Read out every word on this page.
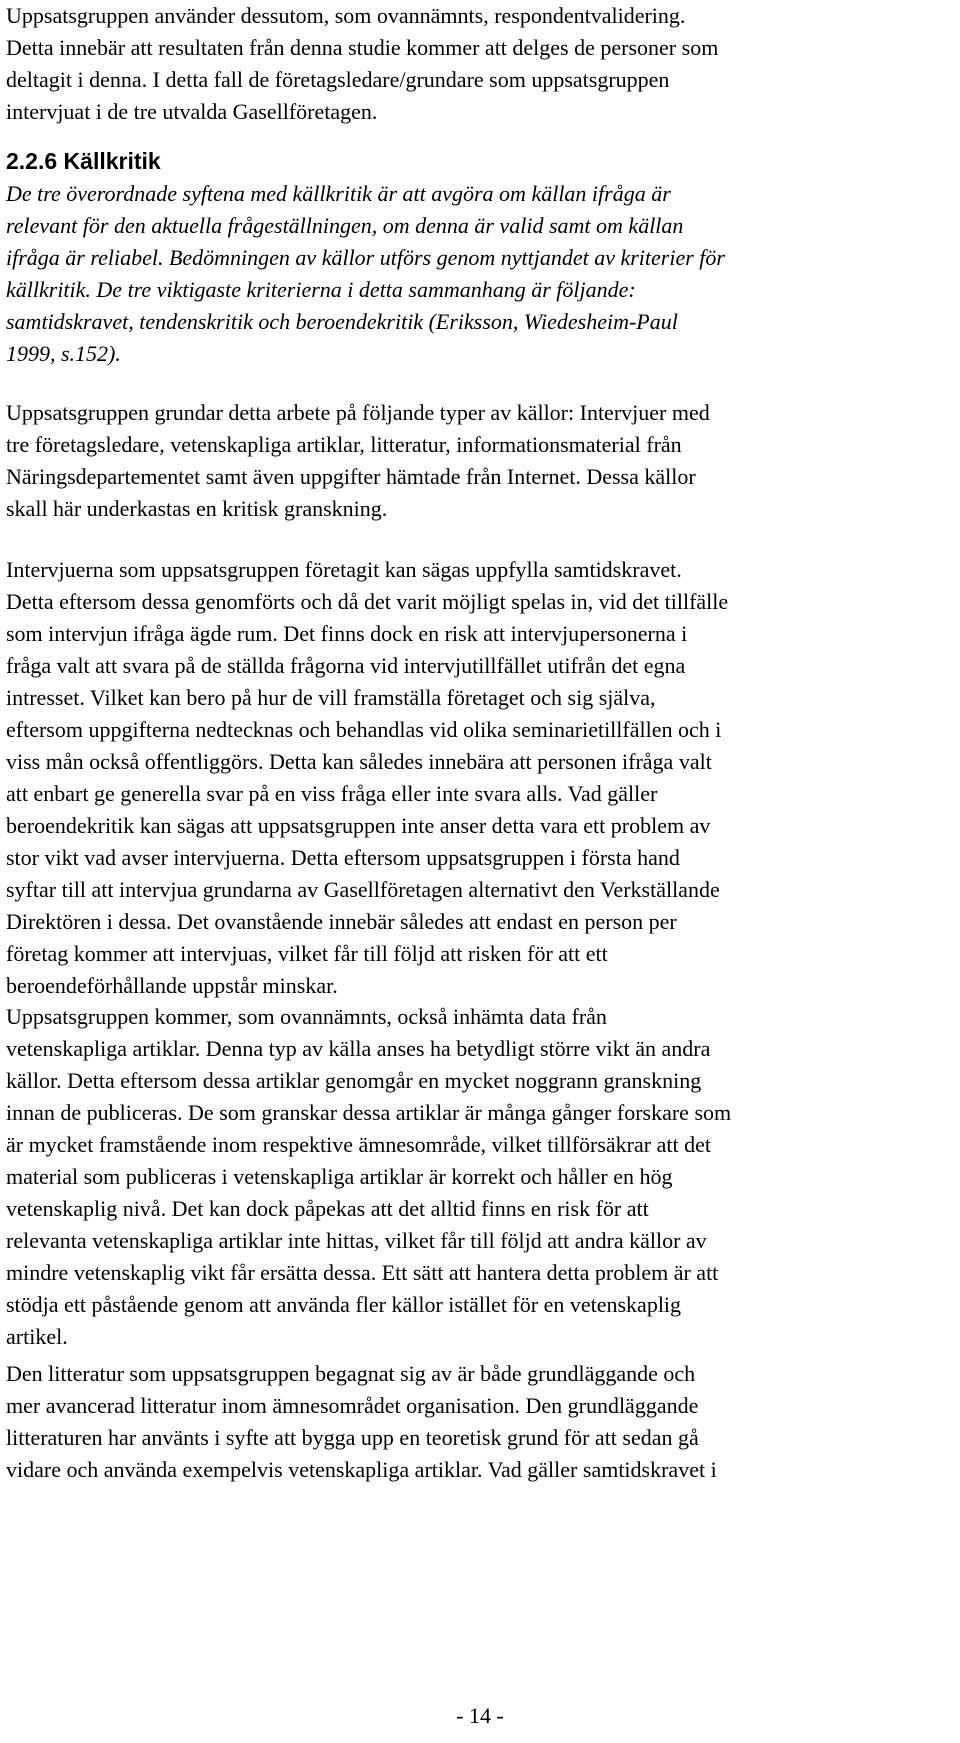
Uppsatsgruppen använder dessutom, som ovannämnts, respondentvalidering.
Detta innebär att resultaten från denna studie kommer att delges de personer som
deltagit i denna. I detta fall de företagsledare/grundare som uppsatsgruppen
intervjuat i de tre utvalda Gasellföretagen.
2.2.6 Källkritik
De tre överordnade syftena med källkritik är att avgöra om källan ifråga är
relevant för den aktuella frågeställningen, om denna är valid samt om källan
ifråga är reliabel. Bedömningen av källor utförs genom nyttjandet av kriterier för
källkritik. De tre viktigaste kriterierna i detta sammanhang är följande:
samtidskravet, tendenskritik och beroendekritik (Eriksson, Wiedesheim-Paul
1999, s.152).
Uppsatsgruppen grundar detta arbete på följande typer av källor: Intervjuer med
tre företagsledare, vetenskapliga artiklar, litteratur, informationsmaterial från
Näringsdepartementet samt även uppgifter hämtade från Internet. Dessa källor
skall här underkastas en kritisk granskning.
Intervjuerna som uppsatsgruppen företagit kan sägas uppfylla samtidskravet.
Detta eftersom dessa genomförts och då det varit möjligt spelas in, vid det tillfälle
som intervjun ifråga ägde rum. Det finns dock en risk att intervjupersonerna i
fråga valt att svara på de ställda frågorna vid intervjutillfället utifrån det egna
intresset. Vilket kan bero på hur de vill framställa företaget och sig själva,
eftersom uppgifterna nedtecknas och behandlas vid olika seminarietillfällen och i
viss mån också offentliggörs. Detta kan således innebära att personen ifråga valt
att enbart ge generella svar på en viss fråga eller inte svara alls. Vad gäller
beroendekritik kan sägas att uppsatsgruppen inte anser detta vara ett problem av
stor vikt vad avser intervjuerna. Detta eftersom uppsatsgruppen i första hand
syftar till att intervjua grundarna av Gasellföretagen alternativt den Verkställande
Direktören i dessa. Det ovanstående innebär således att endast en person per
företag kommer att intervjuas, vilket får till följd att risken för att ett
beroendeförhållande uppstår minskar.
Uppsatsgruppen kommer, som ovannämnts, också inhämta data från
vetenskapliga artiklar. Denna typ av källa anses ha betydligt större vikt än andra
källor. Detta eftersom dessa artiklar genomgår en mycket noggrann granskning
innan de publiceras. De som granskar dessa artiklar är många gånger forskare som
är mycket framstående inom respektive ämnesområde, vilket tillförsäkrar att det
material som publiceras i vetenskapliga artiklar är korrekt och håller en hög
vetenskaplig nivå. Det kan dock påpekas att det alltid finns en risk för att
relevanta vetenskapliga artiklar inte hittas, vilket får till följd att andra källor av
mindre vetenskaplig vikt får ersätta dessa. Ett sätt att hantera detta problem är att
stödja ett påstående genom att använda fler källor istället för en vetenskaplig
artikel.
Den litteratur som uppsatsgruppen begagnat sig av är både grundläggande och
mer avancerad litteratur inom ämnesområdet organisation. Den grundläggande
litteraturen har använts i syfte att bygga upp en teoretisk grund för att sedan gå
vidare och använda exempelvis vetenskapliga artiklar. Vad gäller samtidskravet i
- 14 -
